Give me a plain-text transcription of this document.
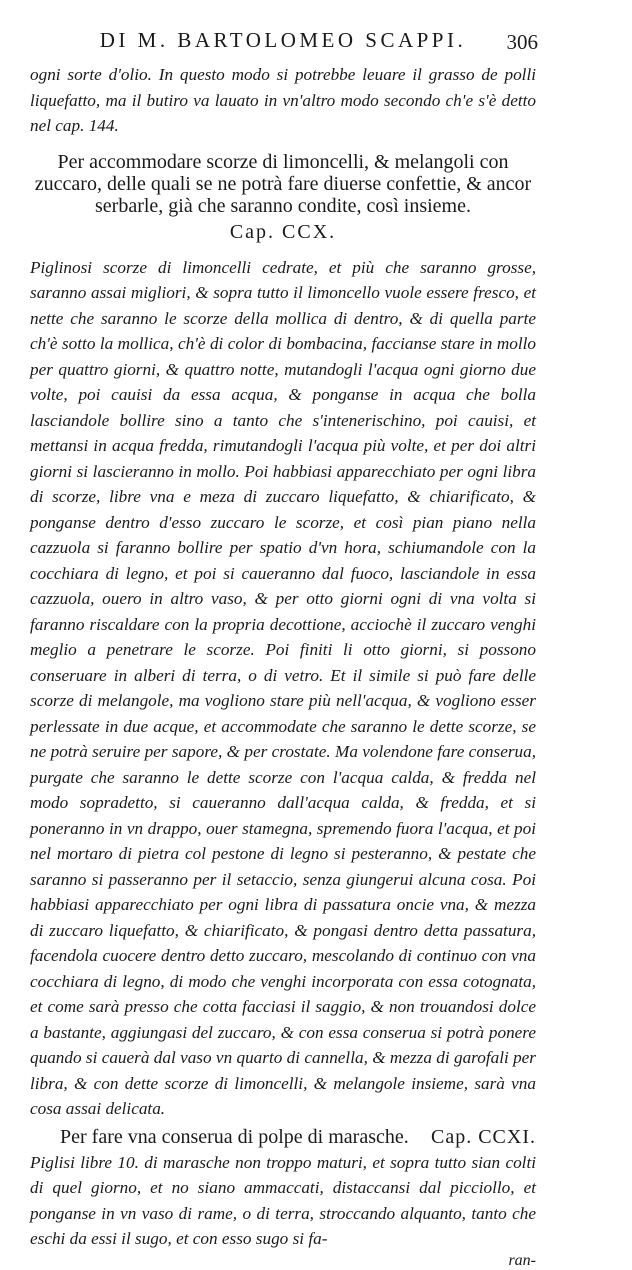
DI M. BARTOLOMEO SCAPPI. 306
ogni sorte d'olio. In questo modo si potrebbe leuare il grasso de polli liquefatto, ma il butiro va lauato in vn'altro modo secondo ch'e s'è detto nel cap. 144.
Per accommodare scorze di limoncelli, & melangoli con zuccaro, delle quali se ne potrà fare diuerse confettie, & ancor serbarle, già che saranno condite, così insieme.
Cap. CCX.
Piglinosi scorze di limoncelli cedrate, et più che saranno grosse, saranno assai migliori, & sopra tutto il limoncello vuole essere fresco, et nette che saranno le scorze della mollica di dentro, & di quella parte ch'è sotto la mollica, ch'è di color di bombacina, faccianse stare in mollo per quattro giorni, & quattro notte, mutandogli l'acqua ogni giorno due volte, poi cauisi da essa acqua, & ponganse in acqua che bolla lasciandole bollire sino a tanto che s'intenerischino, poi cauisi, et mettansi in acqua fredda, rimutandogli l'acqua più volte, et per doi altri giorni si lascieranno in mollo. Poi habbiasi apparecchiato per ogni libra di scorze, libre vna e meza di zuccaro liquefatto, & chiarificato, & ponganse dentro d'esso zuccaro le scorze, et così pian piano nella cazzuola si faranno bollire per spatio d'vn hora, schiumandole con la cocchiara di legno, et poi si caueranno dal fuoco, lasciandole in essa cazzuola, ouero in altro vaso, & per otto giorni ogni di vna volta si faranno riscaldare con la propria decottione, acciochè il zuccaro venghi meglio a penetrare le scorze. Poi finiti li otto giorni, si possono conseruare in alberi di terra, o di vetro. Et il simile si può fare delle scorze di melangole, ma vogliono stare più nell'acqua, & vogliono esser perlessate in due acque, et accommodate che saranno le dette scorze, se ne potrà seruire per sapore, & per crostate. Ma volendone fare conserua, purgate che saranno le dette scorze con l'acqua calda, & fredda nel modo sopradetto, si caueranno dall'acqua calda, & fredda, et si poneranno in vn drappo, ouer stamegna, spremendo fuora l'acqua, et poi nel mortaro di pietra col pestone di legno si pesteranno, & pestate che saranno si passeranno per il setaccio, senza giungerui alcuna cosa. Poi habbiasi apparecchiato per ogni libra di passatura oncie vna, & mezza di zuccaro liquefatto, & chiarificato, & pongasi dentro detta passatura, facendola cuocere dentro detto zuccaro, mescolando di continuo con vna cocchiara di legno, di modo che venghi incorporata con essa cotognata, et come sarà presso che cotta facciasi il saggio, & non trouandosi dolce a bastante, aggiungasi del zuccaro, & con essa conserua si potrà ponere quando si cauerà dal vaso vn quarto di cannella, & mezza di garofali per libra, & con dette scorze di limoncelli, & melangole insieme, sarà vna cosa assai delicata.
Per fare vna conserua di polpe di marasche. Cap. CCXI.
Piglisi libre 10. di marasche non troppo maturi, et sopra tutto sian colti di quel giorno, et no siano ammaccati, distaccansi dal picciollo, et ponganse in vn vaso di rame, o di terra, stroccando alquanto, tanto che eschi da essi il sugo, et con esso sugo si fa-
ran-
